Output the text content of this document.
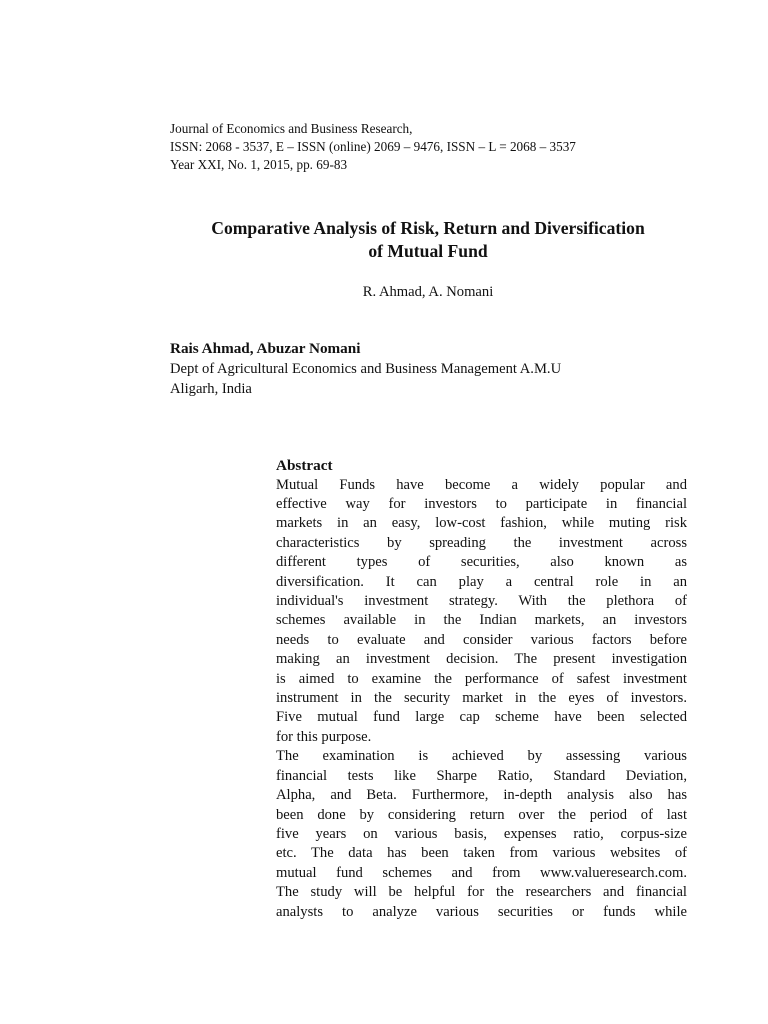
Journal of Economics and Business Research,
ISSN: 2068 - 3537, E – ISSN (online) 2069 – 9476, ISSN – L = 2068 – 3537
Year XXI, No. 1, 2015, pp. 69-83
Comparative Analysis of Risk, Return and Diversification
of Mutual Fund
R. Ahmad, A. Nomani
Rais Ahmad, Abuzar Nomani
Dept of Agricultural Economics and Business Management A.M.U
Aligarh, India
Abstract

Mutual Funds have become a widely popular and
effective way for investors to participate in financial
markets in an easy, low-cost fashion, while muting risk
characteristics by spreading the investment across
different types of securities, also known as
diversification. It can play a central role in an
individual's investment strategy. With the plethora of
schemes available in the Indian markets, an investors
needs to evaluate and consider various factors before
making an investment decision. The present investigation
is aimed to examine the performance of safest investment
instrument in the security market in the eyes of investors.
Five mutual fund large cap scheme have been selected
for this purpose.

The examination is achieved by assessing various
financial tests like Sharpe Ratio, Standard Deviation,
Alpha, and Beta. Furthermore, in-depth analysis also has
been done by considering return over the period of last
five years on various basis, expenses ratio, corpus-size
etc. The data has been taken from various websites of
mutual fund schemes and from www.valueresearch.com.
The study will be helpful for the researchers and financial
analysts to analyze various securities or funds while
